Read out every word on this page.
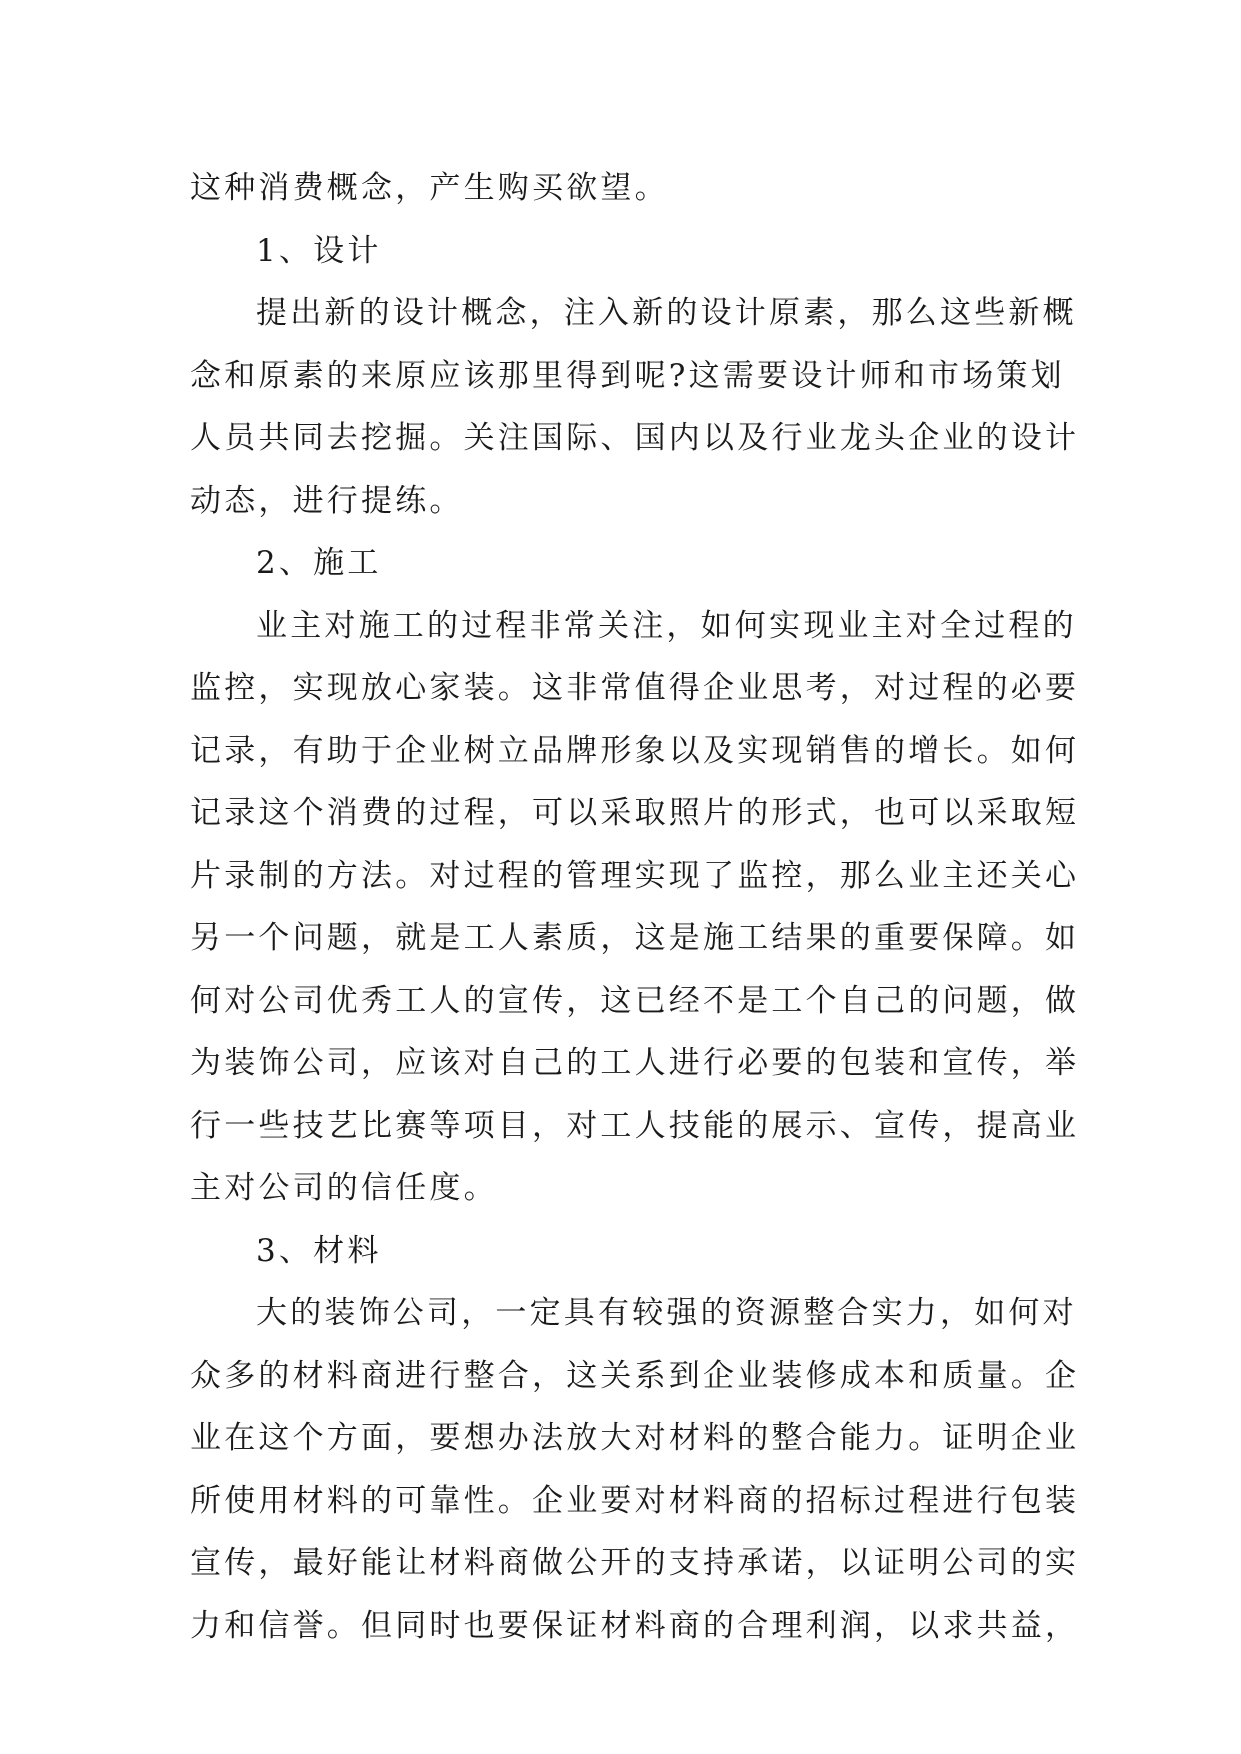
这种消费概念，产生购买欲望。
1、设计
提出新的设计概念，注入新的设计原素，那么这些新概
念和原素的来原应该那里得到呢?这需要设计师和市场策划
人员共同去挖掘。关注国际、国内以及行业龙头企业的设计
动态，进行提练。
2、施工
业主对施工的过程非常关注，如何实现业主对全过程的
监控，实现放心家装。这非常值得企业思考，对过程的必要
记录，有助于企业树立品牌形象以及实现销售的增长。如何
记录这个消费的过程，可以采取照片的形式，也可以采取短
片录制的方法。对过程的管理实现了监控，那么业主还关心
另一个问题，就是工人素质，这是施工结果的重要保障。如
何对公司优秀工人的宣传，这已经不是工个自己的问题，做
为装饰公司，应该对自己的工人进行必要的包装和宣传，举
行一些技艺比赛等项目，对工人技能的展示、宣传，提高业
主对公司的信任度。
3、材料
大的装饰公司，一定具有较强的资源整合实力，如何对
众多的材料商进行整合，这关系到企业装修成本和质量。企
业在这个方面，要想办法放大对材料的整合能力。证明企业
所使用材料的可靠性。企业要对材料商的招标过程进行包装
宣传，最好能让材料商做公开的支持承诺，以证明公司的实
力和信誉。但同时也要保证材料商的合理利润，以求共益，
